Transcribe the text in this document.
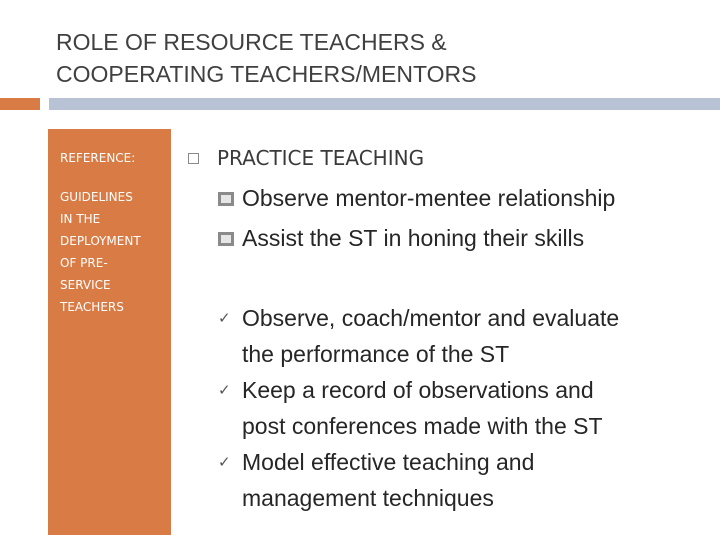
ROLE OF RESOURCE TEACHERS &
COOPERATING TEACHERS/MENTORS
REFERENCE:
GUIDELINES
IN THE
DEPLOYMENT
OF PRE-
SERVICE
TEACHERS
PRACTICE TEACHING
Observe mentor-mentee relationship
Assist the ST in honing their skills
✓ Observe, coach/mentor and evaluate
the performance of the ST
✓ Keep a record of observations and
post conferences made with the ST
✓ Model effective teaching and
management techniques
